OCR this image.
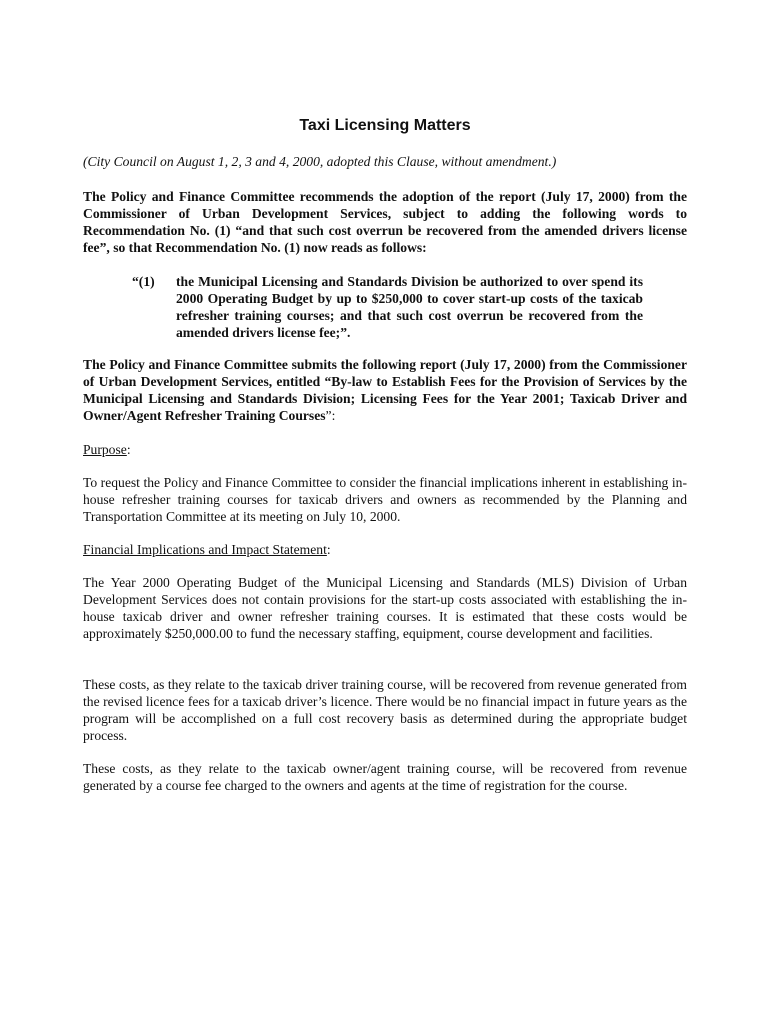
Taxi Licensing Matters

(City Council on August 1, 2, 3 and 4, 2000, adopted this Clause, without amendment.)

The Policy and Finance Committee recommends the adoption of the report (July 17, 2000) from the Commissioner of Urban Development Services, subject to adding the following words to Recommendation No. (1) “and that such cost overrun be recovered from the amended drivers license fee”, so that Recommendation No. (1) now reads as follows:

“(1) the Municipal Licensing and Standards Division be authorized to over spend its 2000 Operating Budget by up to $250,000 to cover start-up costs of the taxicab refresher training courses; and that such cost overrun be recovered from the amended drivers license fee;”.

The Policy and Finance Committee submits the following report (July 17, 2000) from the Commissioner of Urban Development Services, entitled “By-law to Establish Fees for the Provision of Services by the Municipal Licensing and Standards Division; Licensing Fees for the Year 2001; Taxicab Driver and Owner/Agent Refresher Training Courses”:

Purpose:

To request the Policy and Finance Committee to consider the financial implications inherent in establishing in-house refresher training courses for taxicab drivers and owners as recommended by the Planning and Transportation Committee at its meeting on July 10, 2000.

Financial Implications and Impact Statement:

The Year 2000 Operating Budget of the Municipal Licensing and Standards (MLS) Division of Urban Development Services does not contain provisions for the start-up costs associated with establishing the in-house taxicab driver and owner refresher training courses. It is estimated that these costs would be approximately $250,000.00 to fund the necessary staffing, equipment, course development and facilities.

These costs, as they relate to the taxicab driver training course, will be recovered from revenue generated from the revised licence fees for a taxicab driver’s licence. There would be no financial impact in future years as the program will be accomplished on a full cost recovery basis as determined during the appropriate budget process.

These costs, as they relate to the taxicab owner/agent training course, will be recovered from revenue generated by a course fee charged to the owners and agents at the time of registration for the course.
